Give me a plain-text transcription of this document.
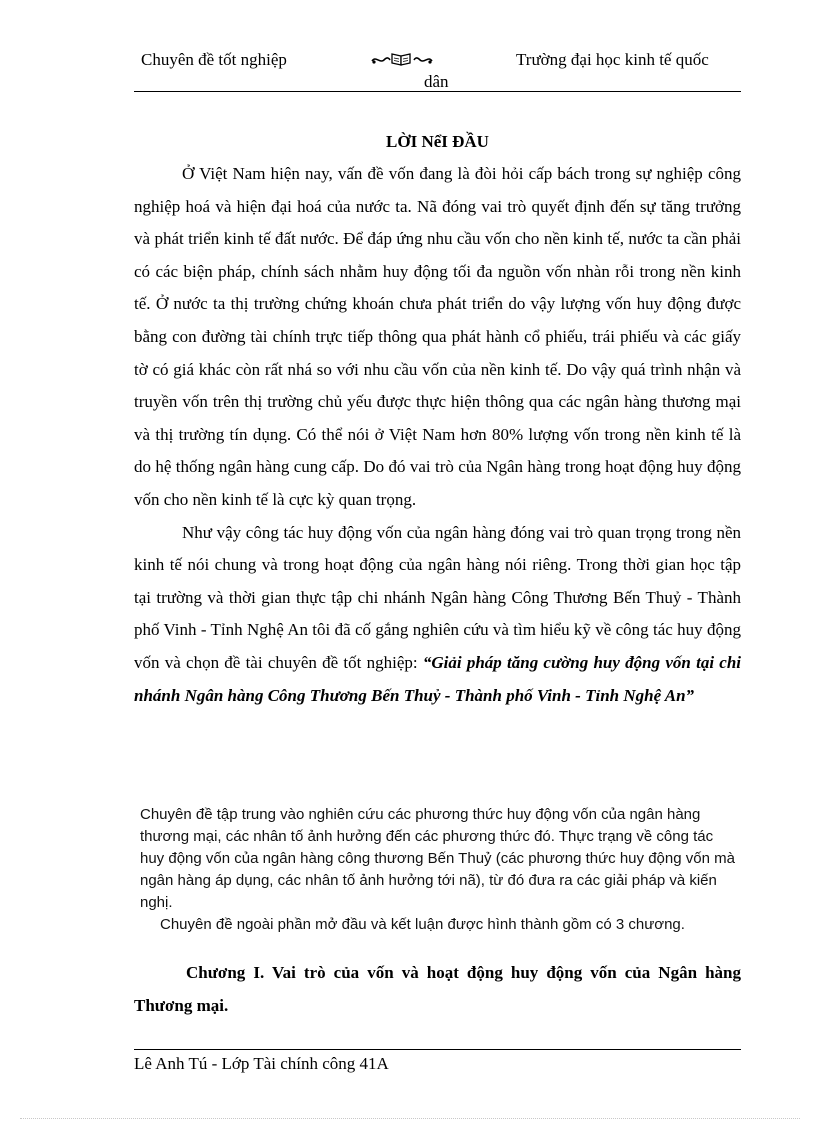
Chuyên đề tốt nghiệp	Trường đại học kinh tế quốc
dân
LỜI NểI ĐẦU

Ở Việt Nam hiện nay, vấn đề vốn đang là đòi hỏi cấp bách trong sự nghiệp công nghiệp hoá và hiện đại hoá của nước ta. Nã đóng vai trò quyết định đến sự tăng trưởng và phát triển kinh tế đất nước. Để đáp ứng nhu cầu vốn cho nền kinh tế, nước ta cần phải có các biện pháp, chính sách nhằm huy động tối đa nguồn vốn nhàn rỗi trong nền kinh tế. Ở nước ta thị trường chứng khoán chưa phát triển do vậy lượng vốn huy động được bằng con đường tài chính trực tiếp thông qua phát hành cổ phiếu, trái phiếu và các giấy tờ có giá khác còn rất nhá so với nhu cầu vốn của nền kinh tế. Do vậy quá trình nhận và truyền vốn trên thị trường chủ yếu được thực hiện thông qua các ngân hàng thương mại và thị trường tín dụng. Có thể nói ở Việt Nam hơn 80% lượng vốn trong nền kinh tế là do hệ thống ngân hàng cung cấp. Do đó vai trò của Ngân hàng trong hoạt động huy động vốn cho nền kinh tế là cực kỳ quan trọng.

Như vậy công tác huy động vốn của ngân hàng đóng vai trò quan trọng trong nền kinh tế nói chung và trong hoạt động của ngân hàng nói riêng. Trong thời gian học tập tại trường và thời gian thực tập chi nhánh Ngân hàng Công Thương Bến Thuỷ - Thành phố Vinh - Tỉnh Nghệ An tôi đã cố gắng nghiên cứu và tìm hiểu kỹ về công tác huy động vốn và chọn đề tài chuyên đề tốt nghiệp: “Giải pháp tăng cường huy động vốn tại chi nhánh Ngân hàng Công Thương Bến Thuỷ - Thành phố Vinh - Tỉnh Nghệ An”

Chuyên đề tập trung vào nghiên cứu các phương thức huy động vốn của ngân hàng thương mại, các nhân tố ảnh hưởng đến các phương thức đó. Thực trạng về công tác huy động vốn của ngân hàng công thương Bến Thuỷ (các phương thức huy động vốn mà ngân hàng áp dụng, các nhân tố ảnh hưởng tới nã), từ đó đưa ra các giải pháp và kiến nghị.

Chuyên đề ngoài phần mở đầu và kết luận được hình thành gồm có 3 chương.

Chương I. Vai trò của vốn và hoạt động huy động vốn của Ngân hàng Thương mại.

Lê Anh Tú - Lớp Tài chính công 41A
